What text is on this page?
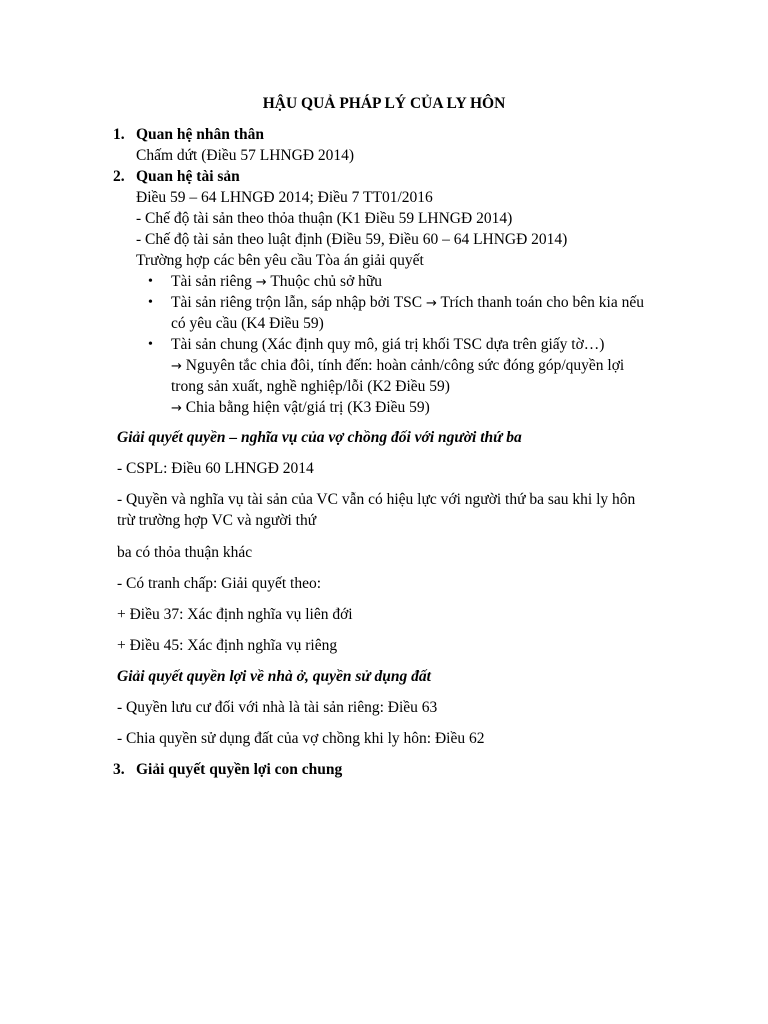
HẬU QUẢ PHÁP LÝ CỦA LY HÔN
1. Quan hệ nhân thân
Chấm dứt (Điều 57 LHNGĐ 2014)
2. Quan hệ tài sản
Điều 59 – 64 LHNGĐ 2014; Điều 7 TT01/2016
- Chế độ tài sản theo thỏa thuận (K1 Điều 59 LHNGĐ 2014)
- Chế độ tài sản theo luật định (Điều 59, Điều 60 – 64 LHNGĐ 2014)
Trường hợp các bên yêu cầu Tòa án giải quyết
• Tài sản riêng → Thuộc chủ sở hữu
• Tài sản riêng trộn lẫn, sáp nhập bởi TSC → Trích thanh toán cho bên kia nếu
có yêu cầu (K4 Điều 59)
• Tài sản chung (Xác định quy mô, giá trị khối TSC dựa trên giấy tờ…)
→ Nguyên tắc chia đôi, tính đến: hoàn cảnh/công sức đóng góp/quyền lợi
trong sản xuất, nghề nghiệp/lỗi (K2 Điều 59)
→ Chia bằng hiện vật/giá trị (K3 Điều 59)
Giải quyết quyền – nghĩa vụ của vợ chồng đối với người thứ ba
- CSPL: Điều 60 LHNGĐ 2014
- Quyền và nghĩa vụ tài sản của VC vẫn có hiệu lực với người thứ ba sau khi ly hôn
trừ trường hợp VC và người thứ
ba có thỏa thuận khác
- Có tranh chấp: Giải quyết theo:
+ Điều 37: Xác định nghĩa vụ liên đới
+ Điều 45: Xác định nghĩa vụ riêng
Giải quyết quyền lợi về nhà ở, quyền sử dụng đất
- Quyền lưu cư đối với nhà là tài sản riêng: Điều 63
- Chia quyền sử dụng đất của vợ chồng khi ly hôn: Điều 62
3. Giải quyết quyền lợi con chung
